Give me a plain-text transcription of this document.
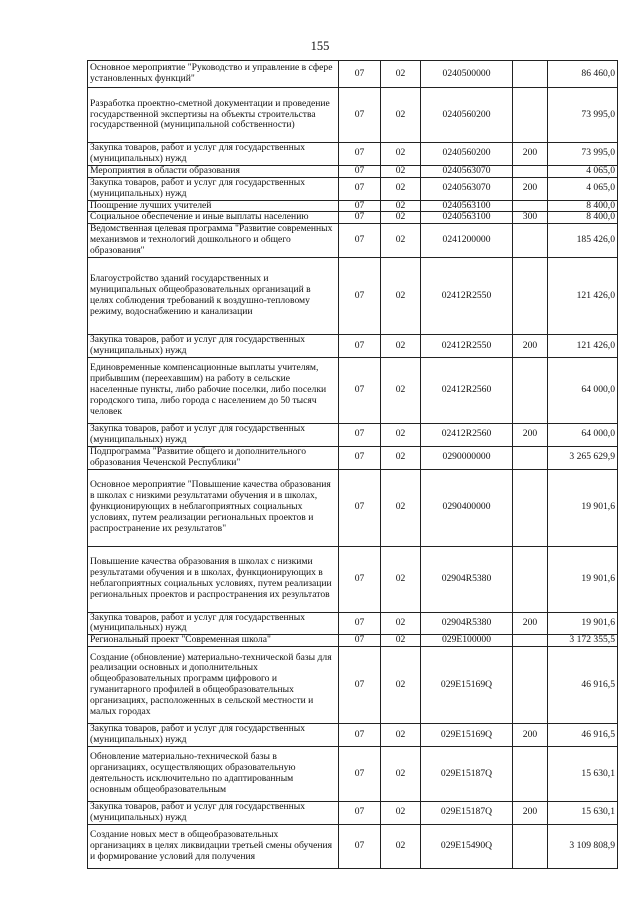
155
Основное мероприятие "Руководство и управление в сфере установленных функций"	07	02	0240500000		86 460,0
Разработка проектно-сметной документации и проведение государственной экспертизы на объекты строительства государственной (муниципальной собственности)	07	02	0240560200		73 995,0
Закупка товаров, работ и услуг для государственных (муниципальных) нужд	07	02	0240560200	200	73 995,0
Мероприятия в области образования	07	02	0240563070		4 065,0
Закупка товаров, работ и услуг для государственных (муниципальных) нужд	07	02	0240563070	200	4 065,0
Поощрение лучших учителей	07	02	0240563100		8 400,0
Социальное обеспечение и иные выплаты населению	07	02	0240563100	300	8 400,0
Ведомственная целевая программа "Развитие современных механизмов и технологий дошкольного и общего образования"	07	02	0241200000		185 426,0
Благоустройство зданий государственных и муниципальных общеобразовательных организаций в целях соблюдения требований к воздушно-тепловому режиму, водоснабжению и канализации	07	02	02412R2550		121 426,0
Закупка товаров, работ и услуг для государственных (муниципальных) нужд	07	02	02412R2550	200	121 426,0
Единовременные компенсационные выплаты учителям, прибывшим (переехавшим) на работу в сельские населенные пункты, либо рабочие поселки, либо поселки городского типа, либо города с населением до 50 тысяч человек	07	02	02412R2560		64 000,0
Закупка товаров, работ и услуг для государственных (муниципальных) нужд	07	02	02412R2560	200	64 000,0
Подпрограмма "Развитие общего и дополнительного образования Чеченской Республики"	07	02	0290000000		3 265 629,9
Основное мероприятие "Повышение качества образования в школах с низкими результатами обучения и в школах, функционирующих в неблагоприятных социальных условиях, путем реализации региональных проектов и распространение их результатов"	07	02	0290400000		19 901,6
Повышение качества образования в школах с низкими результатами обучения и в школах, функционирующих в неблагоприятных социальных условиях, путем реализации региональных проектов и распространения их результатов	07	02	02904R5380		19 901,6
Закупка товаров, работ и услуг для государственных (муниципальных) нужд	07	02	02904R5380	200	19 901,6
Региональный проект "Современная школа"	07	02	029E100000		3 172 355,5
Создание (обновление) материально-технической базы для реализации основных и дополнительных общеобразовательных программ цифрового и гуманитарного профилей в общеобразовательных организациях, расположенных в сельской местности и малых городах	07	02	029E15169Q		46 916,5
Закупка товаров, работ и услуг для государственных (муниципальных) нужд	07	02	029E15169Q	200	46 916,5
Обновление материально-технической базы в организациях, осуществляющих образовательную деятельность исключительно по адаптированным основным общеобразовательным	07	02	029E15187Q		15 630,1
Закупка товаров, работ и услуг для государственных (муниципальных) нужд	07	02	029E15187Q	200	15 630,1
Создание новых мест в общеобразовательных организациях в целях ликвидации третьей смены обучения и формирование условий для получения	07	02	029E15490Q		3 109 808,9
